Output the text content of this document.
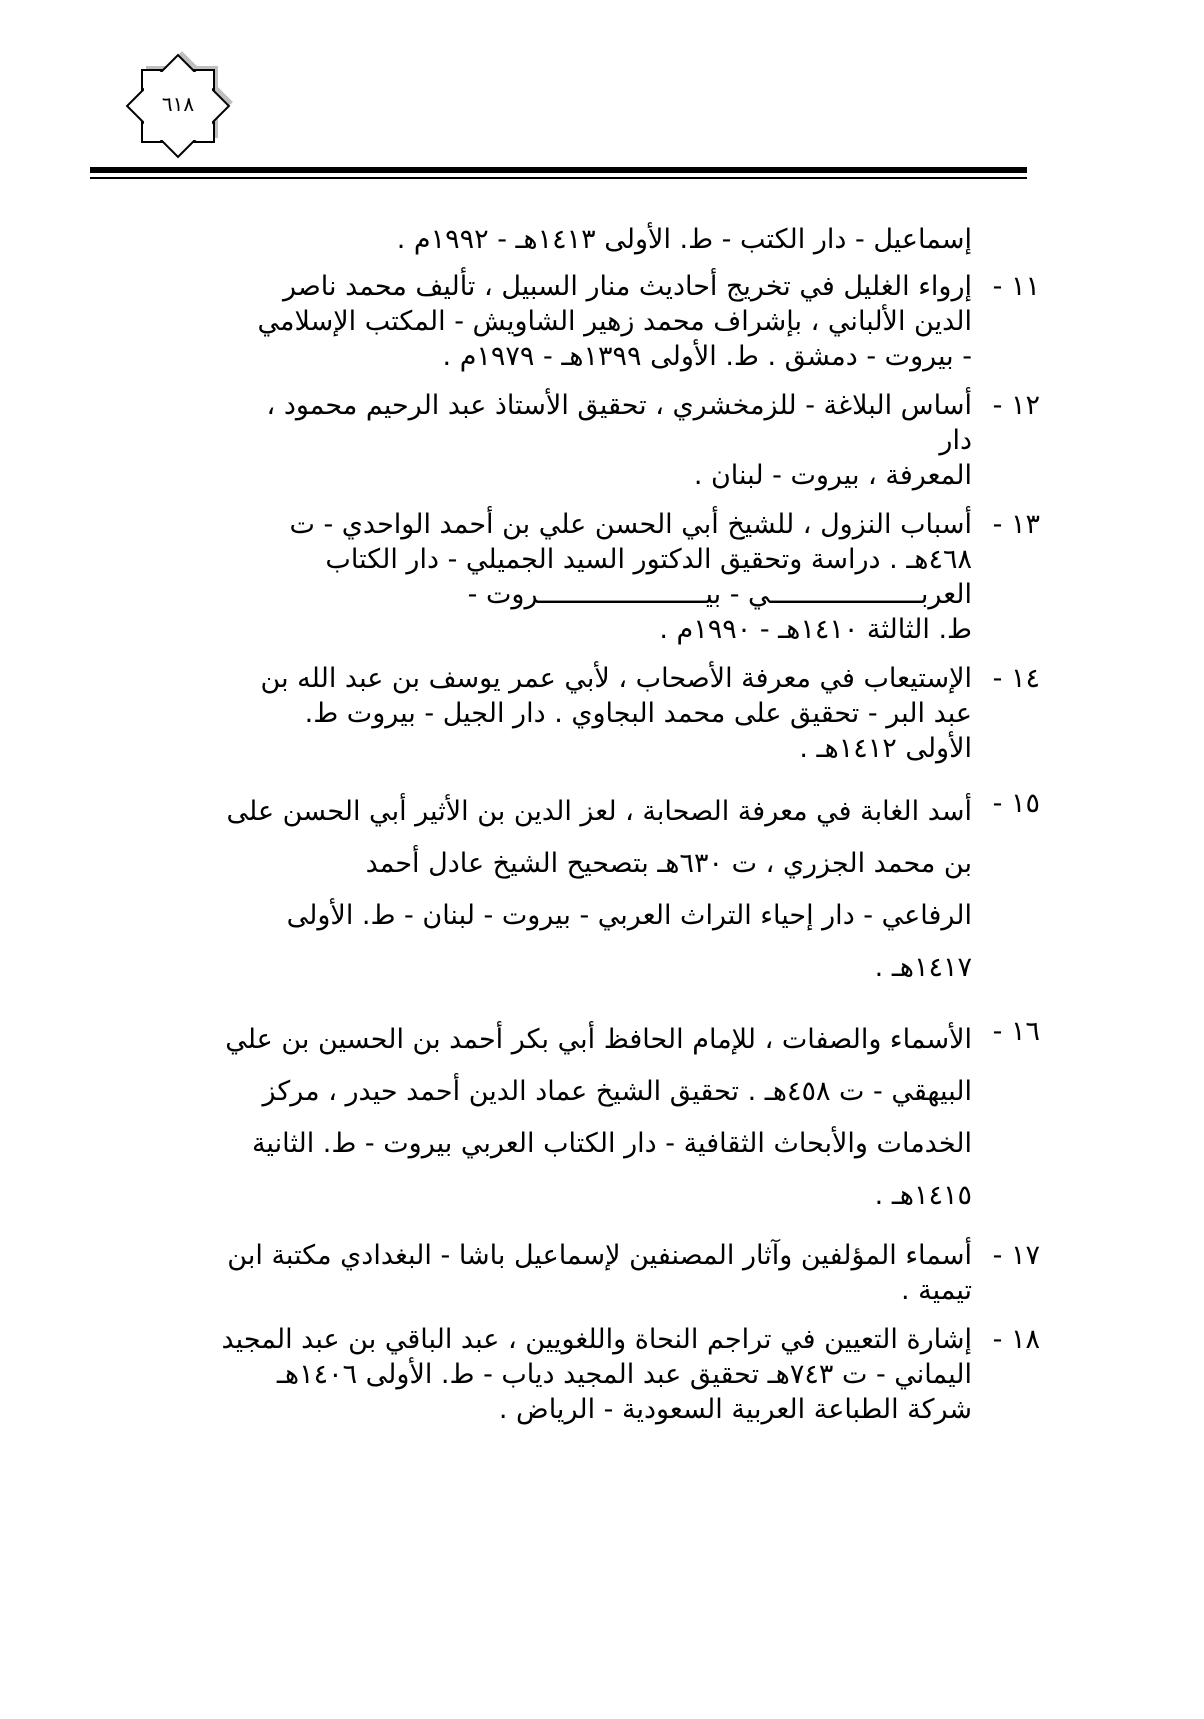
٦١٨
إسماعيل - دار الكتب - ط. الأولى ١٤١٣هـ - ١٩٩٢م .
١١ -
إرواء الغليل في تخريج أحاديث منار السبيل ، تأليف محمد ناصر
الدين الألباني ، بإشراف محمد زهير الشاويش - المكتب الإسلامي
- بيروت - دمشق . ط. الأولى ١٣٩٩هـ - ١٩٧٩م .
١٢ -
أساس البلاغة - للزمخشري ، تحقيق الأستاذ عبد الرحيم محمود ،
دار
المعرفة ، بيروت - لبنان .
١٣ -
أسباب النزول ، للشيخ أبي الحسن علي بن أحمد الواحدي - ت
٤٦٨هـ . دراسة وتحقيق الدكتور السيد الجميلي - دار الكتاب
العربـــــــــــــــــــي - بيـــــــــــــــــــــروت -
ط. الثالثة ١٤١٠هـ - ١٩٩٠م .
١٤ -
الإستيعاب في معرفة الأصحاب ، لأبي عمر يوسف بن عبد الله بن
عبد البر - تحقيق على محمد البجاوي . دار الجيل - بيروت ط.
الأولى ١٤١٢هـ .
١٥ -
أسد الغابة في معرفة الصحابة ، لعز الدين بن الأثير أبي الحسن على
بن محمد الجزري ، ت ٦٣٠هـ بتصحيح الشيخ عادل أحمد
الرفاعي - دار إحياء التراث العربي - بيروت - لبنان - ط. الأولى
١٤١٧هـ .
١٦ -
الأسماء والصفات ، للإمام الحافظ أبي بكر أحمد بن الحسين بن علي
البيهقي - ت ٤٥٨هـ . تحقيق الشيخ عماد الدين أحمد حيدر ، مركز
الخدمات والأبحاث الثقافية - دار الكتاب العربي بيروت - ط. الثانية
١٤١٥هـ .
١٧ -
أسماء المؤلفين وآثار المصنفين لإسماعيل باشا - البغدادي مكتبة ابن
تيمية .
١٨ -
إشارة التعيين في تراجم النحاة واللغويين ، عبد الباقي بن عبد المجيد
اليماني - ت ٧٤٣هـ تحقيق عبد المجيد دياب - ط. الأولى ١٤٠٦هـ
شركة الطباعة العربية السعودية - الرياض .
